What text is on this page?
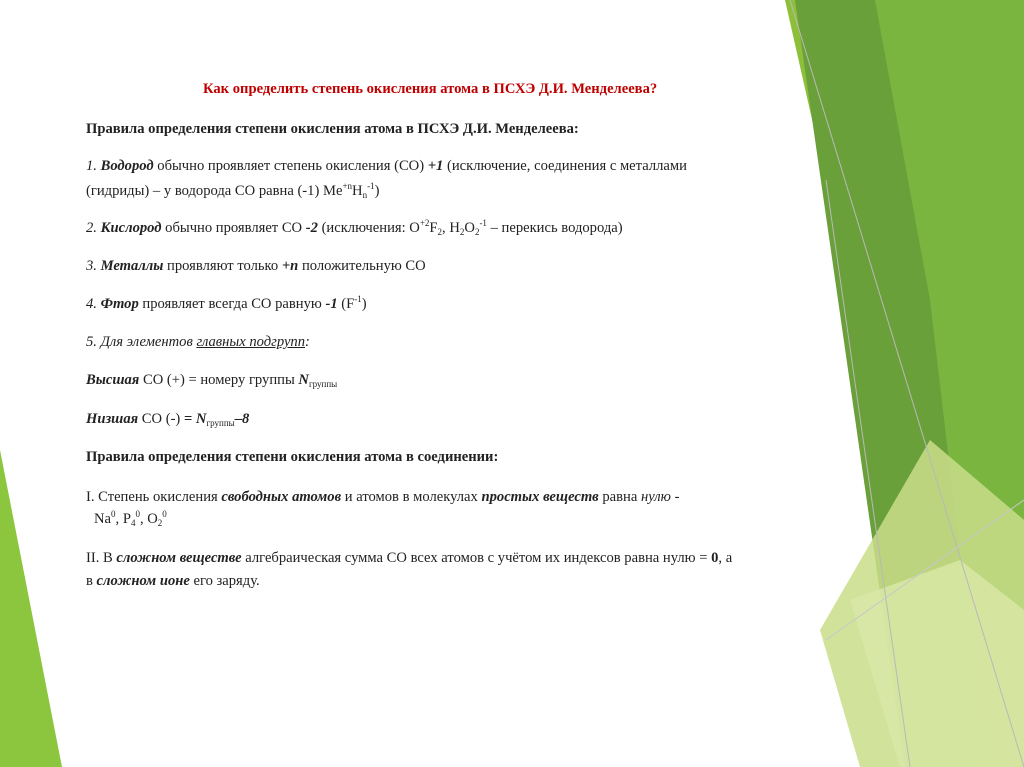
Как определить степень окисления атома в ПСХЭ Д.И. Менделеева?
Правила определения степени окисления атома в ПСХЭ Д.И. Менделеева:
1. Водород обычно проявляет степень окисления (СО) +1 (исключение, соединения с металлами
(гидриды) – у водорода СО равна (-1) $Me^{+n}H_n^{-1}$)
2. Кислород обычно проявляет СО -2 (исключения: $O^{+2}F_2$, $H_2O_2^{-1}$ – перекись водорода)
3. Металлы проявляют только +n положительную СО
4. Фтор проявляет всегда СО равную -1 $(F^{-1})$
5. Для элементов главных подгрупп:
Высшая СО (+) = номеру группы $N_{группы}$
Низшая СО (-) = $N_{группы}-8$
Правила определения степени окисления атома в соединении:
I. Степень окисления свободных атомов и атомов в молекулах простых веществ равна нулю -
Na$^0$, $P_4^0$, $O_2^0$
II. В сложном веществе алгебраическая сумма СО всех атомов с учётом их индексов равна нулю = 0, а
в сложном ионе его заряду.
